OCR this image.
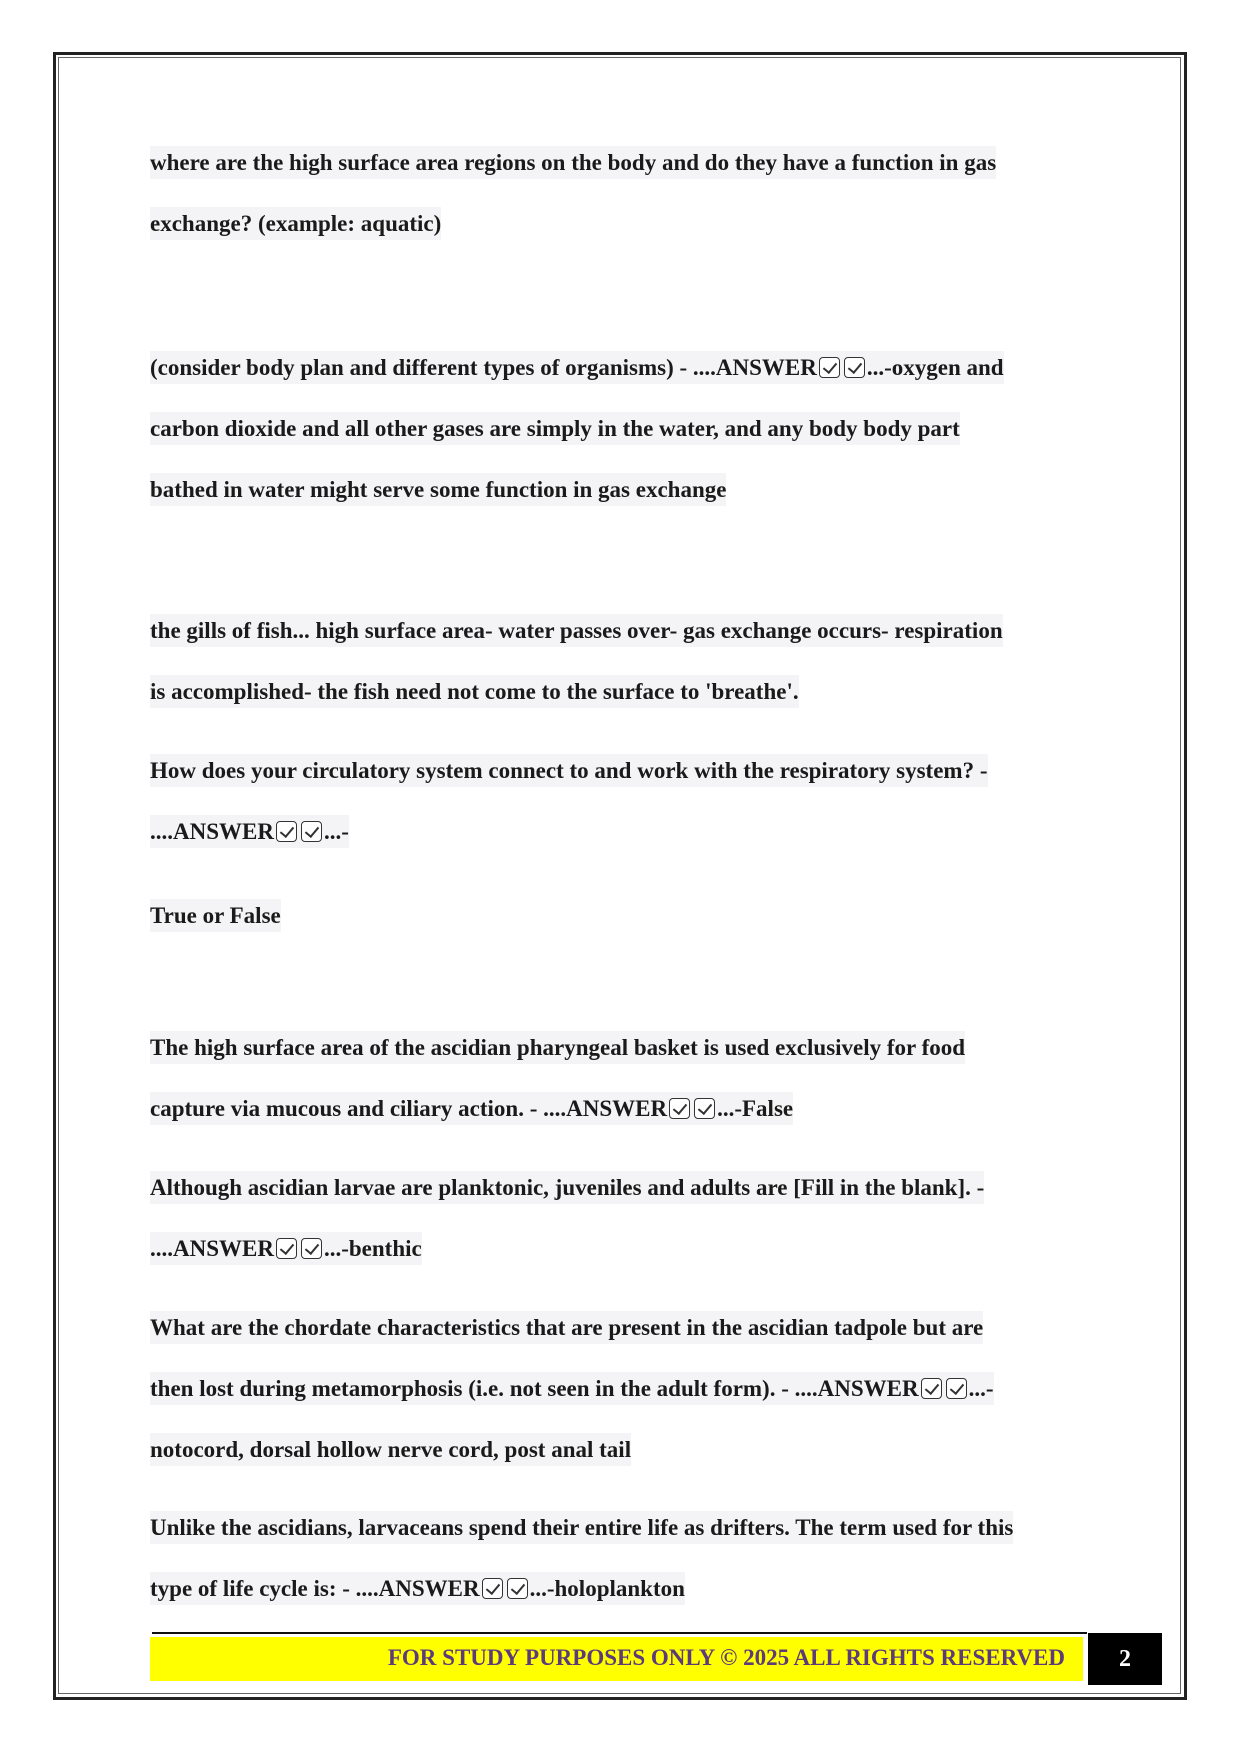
where are the high surface area regions on the body and do they have a function in gas
exchange? (example: aquatic)
(consider body plan and different types of organisms) - ....ANSWER ...-oxygen and
carbon dioxide and all other gases are simply in the water, and any body body part
bathed in water might serve some function in gas exchange
the gills of fish... high surface area- water passes over- gas exchange occurs- respiration
is accomplished- the fish need not come to the surface to 'breathe'.
How does your circulatory system connect to and work with the respiratory system? -
....ANSWER ...-
True or False
The high surface area of the ascidian pharyngeal basket is used exclusively for food
capture via mucous and ciliary action. - ....ANSWER ...-False
Although ascidian larvae are planktonic, juveniles and adults are [Fill in the blank]. -
....ANSWER ...-benthic
What are the chordate characteristics that are present in the ascidian tadpole but are
then lost during metamorphosis (i.e. not seen in the adult form). - ....ANSWER ...-
notocord, dorsal hollow nerve cord, post anal tail
Unlike the ascidians, larvaceans spend their entire life as drifters. The term used for this
type of life cycle is: - ....ANSWER ...-holoplankton
FOR STUDY PURPOSES ONLY © 2025 ALL RIGHTS RESERVED	2
